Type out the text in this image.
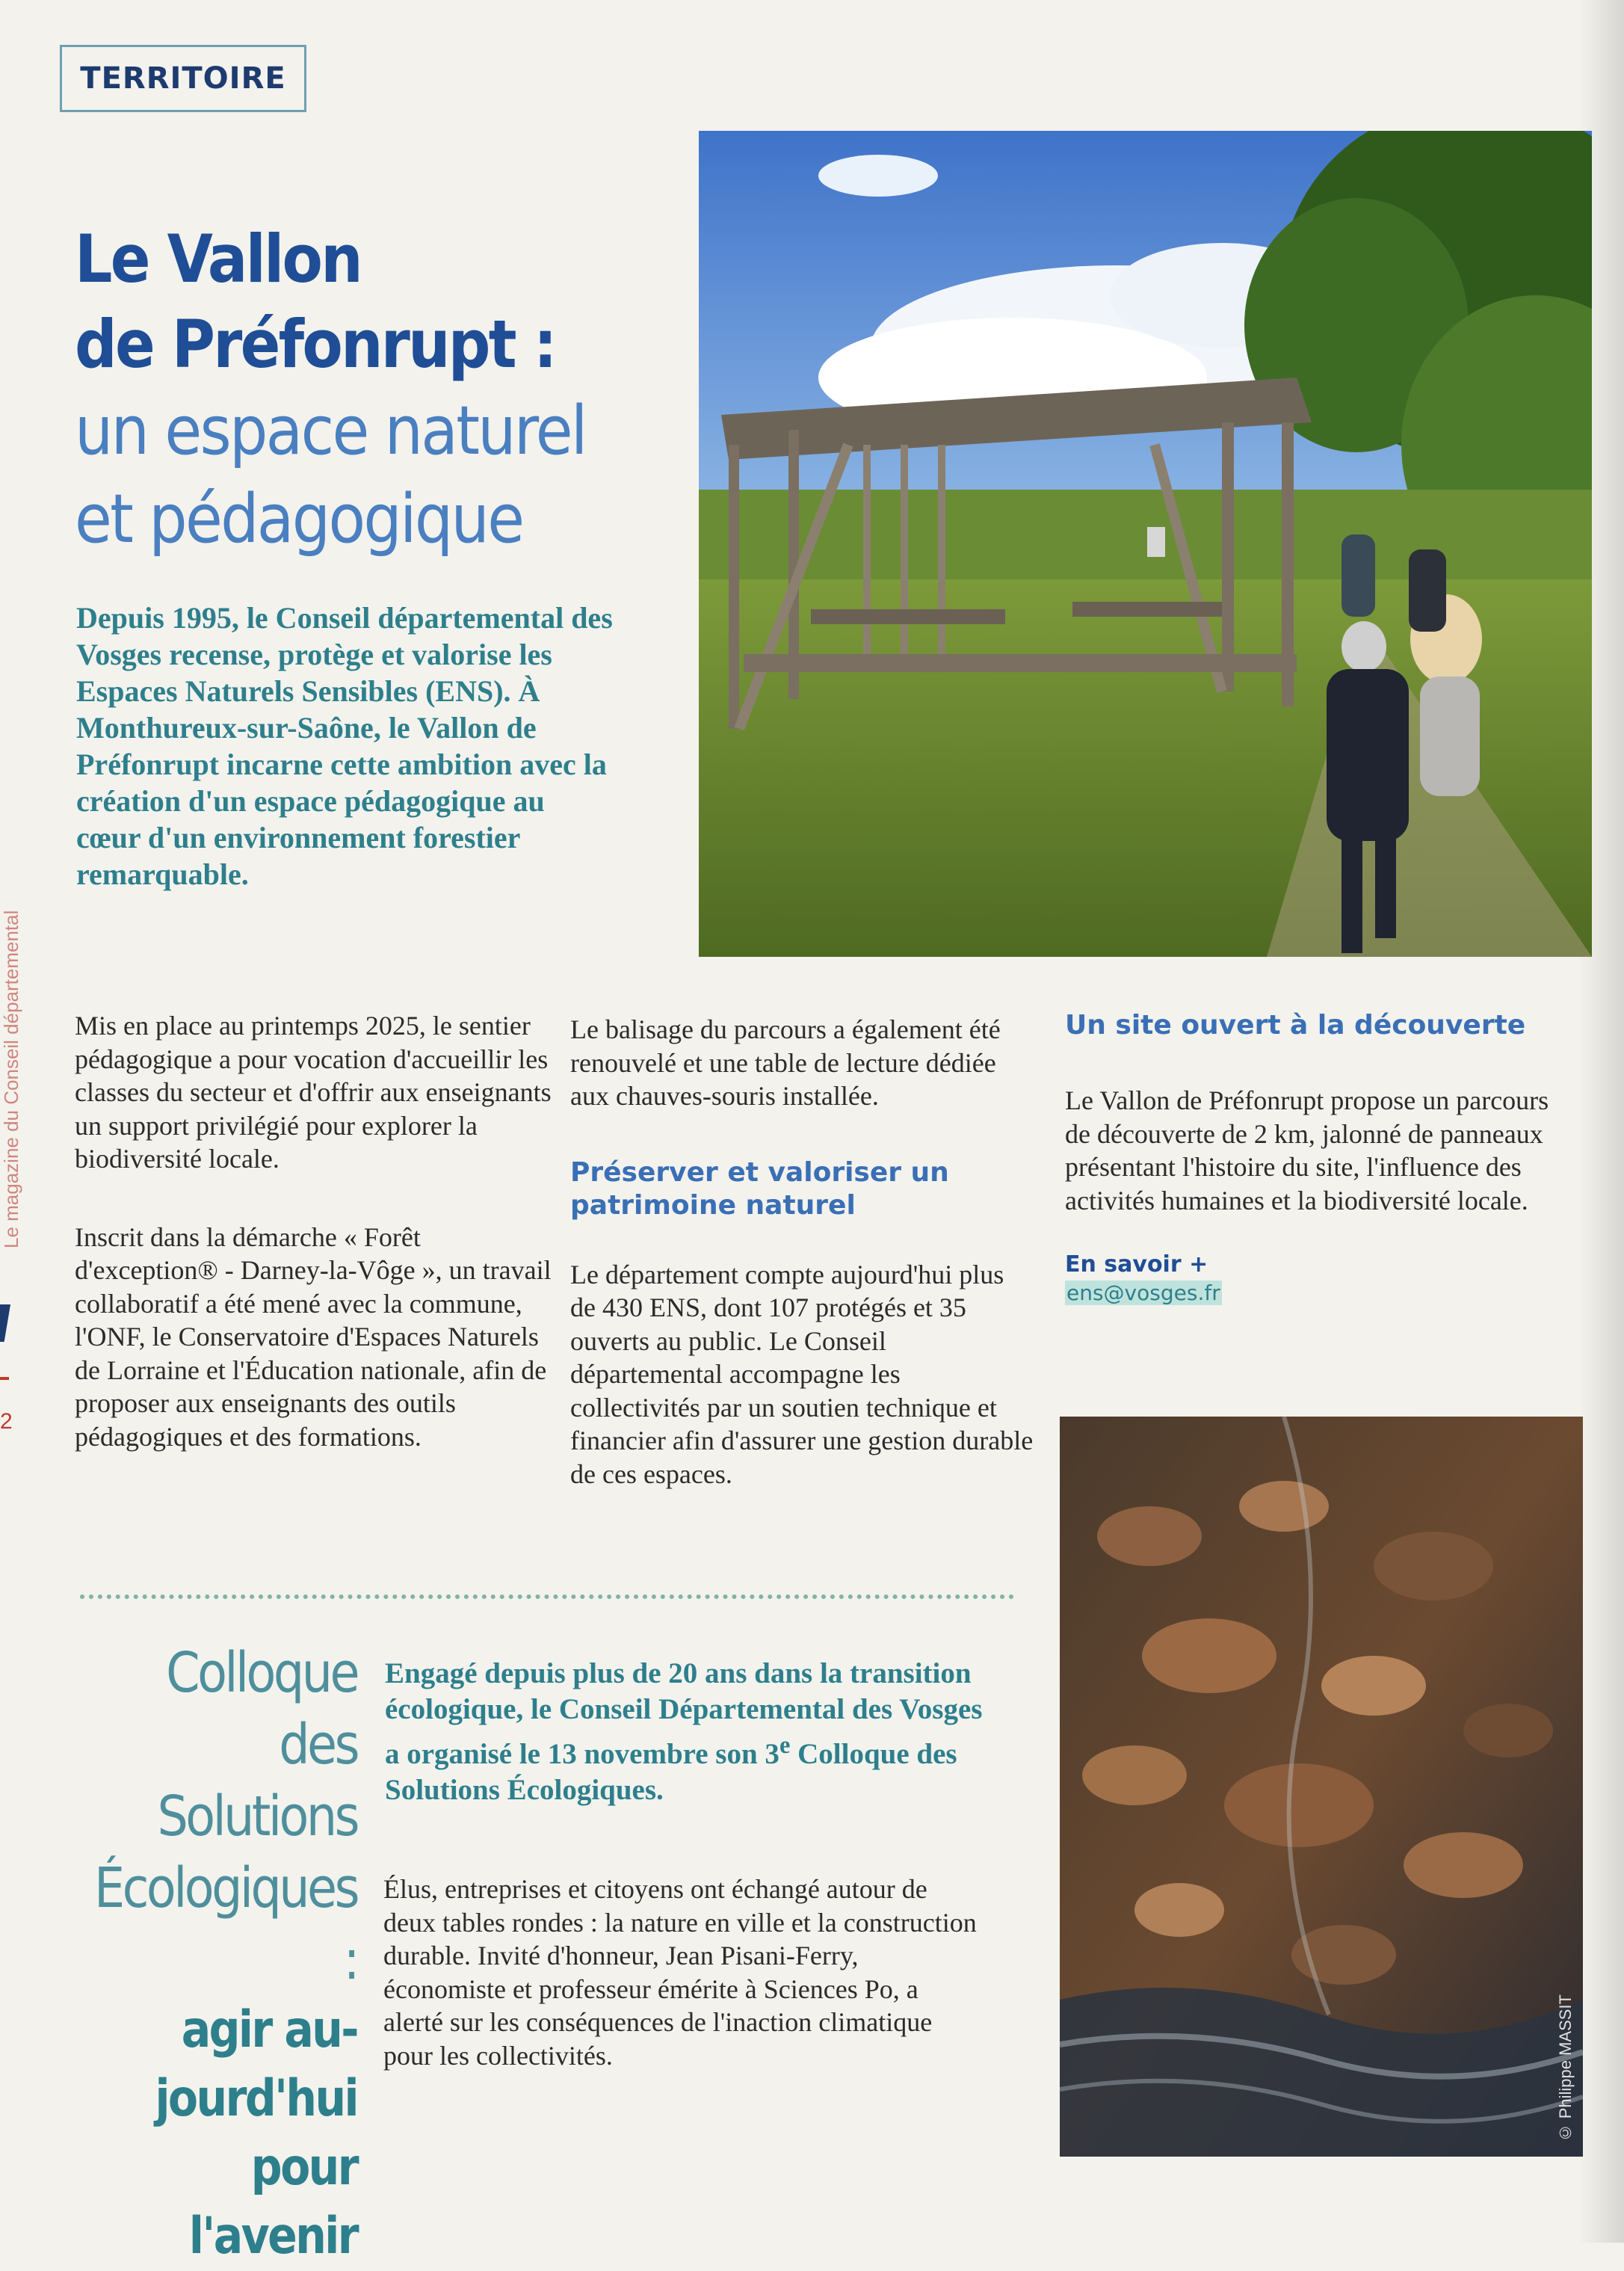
Le magazine du Conseil départemental
2
TERRITOIRE

Le Vallon

de Préfonrupt :

un espace naturel

et pédagogique

Depuis 1995, le Conseil départemental des Vosges recense, protège et valorise les Espaces Naturels Sensibles (ENS). À Monthureux-sur-Saône, le Vallon de Préfonrupt incarne cette ambition avec la création d'un espace pédagogique au cœur d'un environnement forestier remarquable.

Mis en place au printemps 2025, le sentier pédagogique a pour vocation d'accueillir les classes du secteur et d'offrir aux enseignants un support privilégié pour explorer la biodiversité locale.

Inscrit dans la démarche « Forêt d'exception® - Darney-la-Vôge », un travail collaboratif a été mené avec la commune, l'ONF, le Conservatoire d'Espaces Naturels de Lorraine et l'Éducation nationale, afin de proposer aux enseignants des outils pédagogiques et des formations.

Le balisage du parcours a également été renouvelé et une table de lecture dédiée aux chauves-souris installée.

Préserver et valoriser un patrimoine naturel

Le département compte aujourd'hui plus de 430 ENS, dont 107 protégés et 35 ouverts au public. Le Conseil départemental accompagne les collectivités par un soutien technique et financier afin d'assurer une gestion durable de ces espaces.

Un site ouvert à la découverte

Le Vallon de Préfonrupt propose un parcours de découverte de 2 km, jalonné de panneaux présentant l'histoire du site, l'influence des activités humaines et la biodiversité locale.

En savoir +

ens@vosges.fr
© Philippe MASSIT

Colloque des

Solutions

Écologiques :

agir au-

jourd'hui

pour l'avenir

Engagé depuis plus de 20 ans dans la transition écologique, le Conseil Départemental des Vosges a organisé le 13 novembre son 3e Colloque des Solutions Écologiques.

Élus, entreprises et citoyens ont échangé autour de deux tables rondes : la nature en ville et la construction durable. Invité d'honneur, Jean Pisani-Ferry, économiste et professeur émérite à Sciences Po, a alerté sur les conséquences de l'inaction climatique pour les collectivités.
